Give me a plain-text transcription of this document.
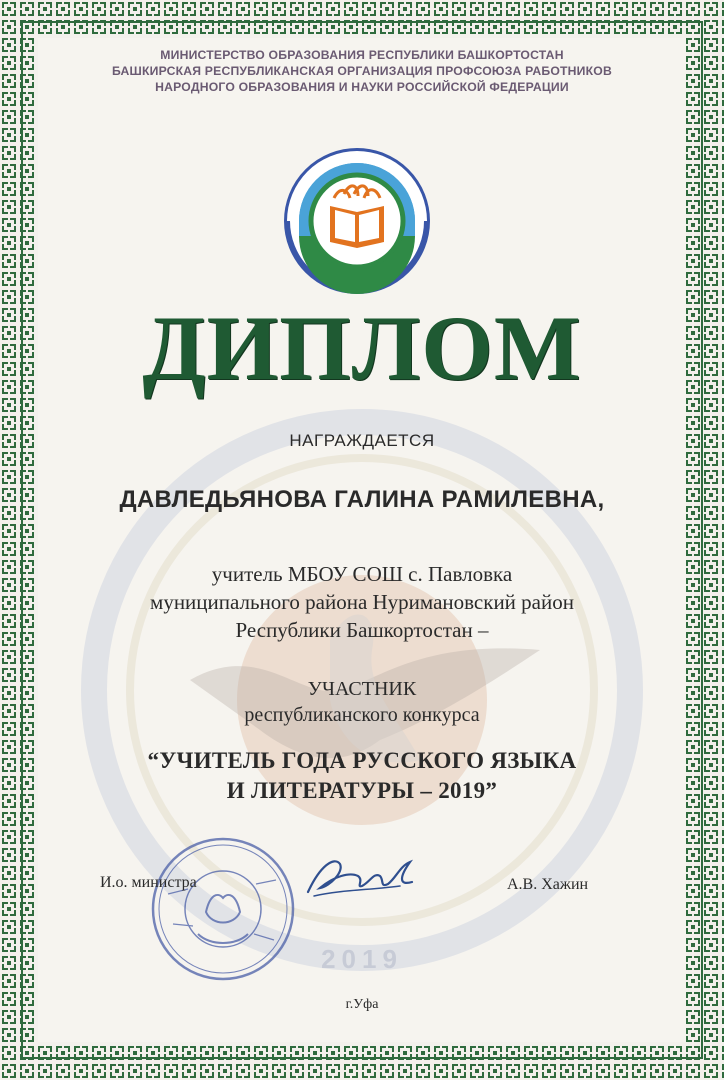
2019
МИНИСТЕРСТВО ОБРАЗОВАНИЯ РЕСПУБЛИКИ БАШКОРТОСТАН
БАШКИРСКАЯ РЕСПУБЛИКАНСКАЯ ОРГАНИЗАЦИЯ ПРОФСОЮЗА РАБОТНИКОВ
НАРОДНОГО ОБРАЗОВАНИЯ И НАУКИ РОССИЙСКОЙ ФЕДЕРАЦИИ
ДИПЛОМ
НАГРАЖДАЕТСЯ
ДАВЛЕДЬЯНОВА ГАЛИНА РАМИЛЕВНА,
учитель МБОУ СОШ с. Павловка
муниципального района Нуримановский район
Республики Башкортостан –
УЧАСТНИК
республиканского конкурса
“УЧИТЕЛЬ ГОДА РУССКОГО ЯЗЫКА
И ЛИТЕРАТУРЫ – 2019”
И.о. министра	А.В. Хажин
г.Уфа
